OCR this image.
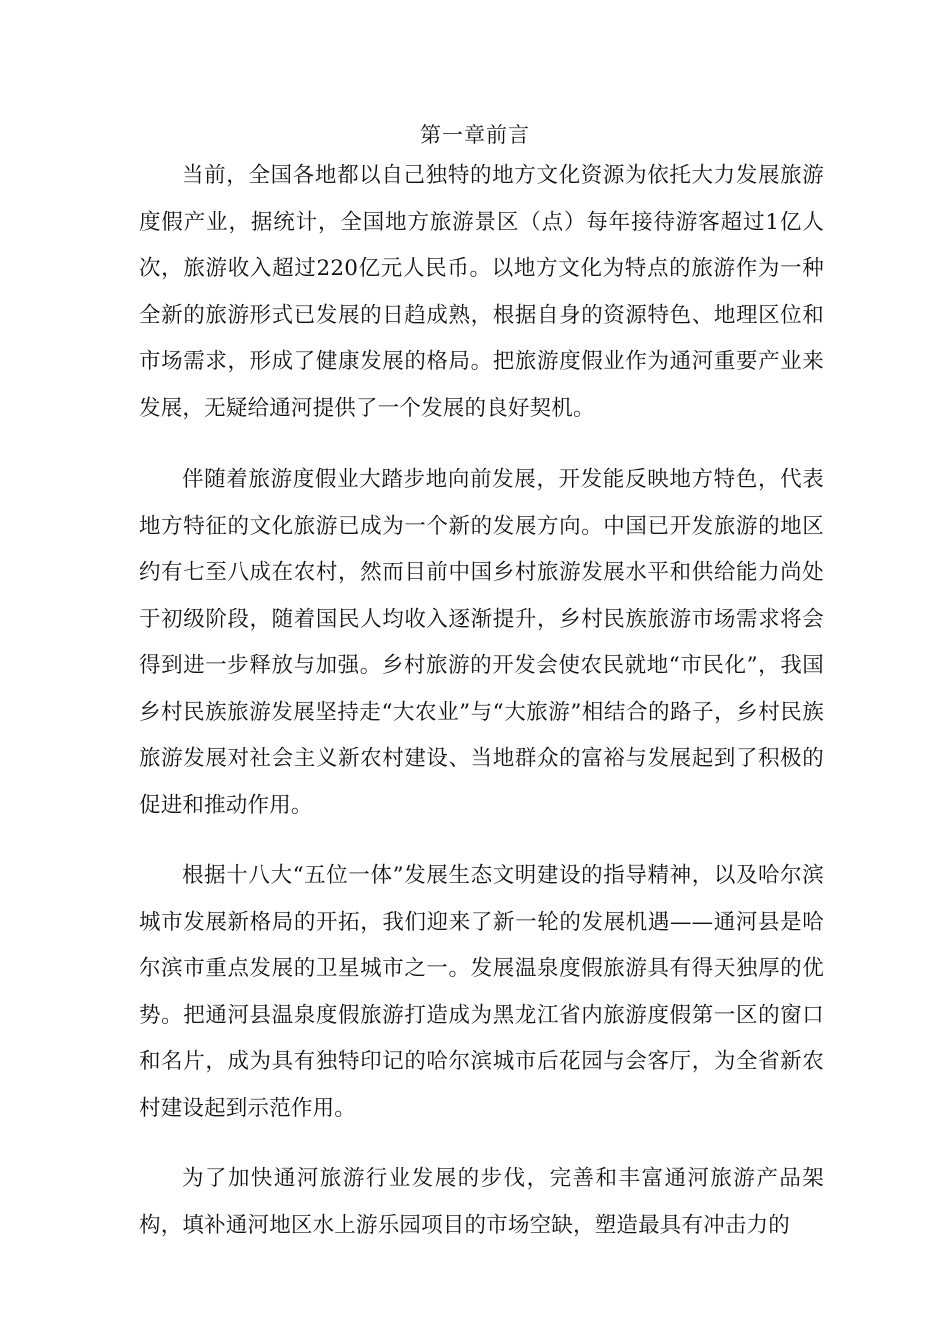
第一章前言

当前，全国各地都以自己独特的地方文化资源为依托大力发展旅游度假产业，据统计，全国地方旅游景区（点）每年接待游客超过1亿人次，旅游收入超过220亿元人民币。以地方文化为特点的旅游作为一种全新的旅游形式已发展的日趋成熟，根据自身的资源特色、地理区位和市场需求，形成了健康发展的格局。把旅游度假业作为通河重要产业来发展，无疑给通河提供了一个发展的良好契机。

伴随着旅游度假业大踏步地向前发展，开发能反映地方特色，代表地方特征的文化旅游已成为一个新的发展方向。中国已开发旅游的地区约有七至八成在农村，然而目前中国乡村旅游发展水平和供给能力尚处于初级阶段，随着国民人均收入逐渐提升，乡村民族旅游市场需求将会得到进一步释放与加强。乡村旅游的开发会使农民就地“市民化”，我国乡村民族旅游发展坚持走“大农业”与“大旅游”相结合的路子，乡村民族旅游发展对社会主义新农村建设、当地群众的富裕与发展起到了积极的促进和推动作用。

根据十八大“五位一体”发展生态文明建设的指导精神，以及哈尔滨城市发展新格局的开拓，我们迎来了新一轮的发展机遇——通河县是哈尔滨市重点发展的卫星城市之一。发展温泉度假旅游具有得天独厚的优势。把通河县温泉度假旅游打造成为黑龙江省内旅游度假第一区的窗口和名片，成为具有独特印记的哈尔滨城市后花园与会客厅，为全省新农村建设起到示范作用。

为了加快通河旅游行业发展的步伐，完善和丰富通河旅游产品架构，填补通河地区水上游乐园项目的市场空缺，塑造最具有冲击力的
